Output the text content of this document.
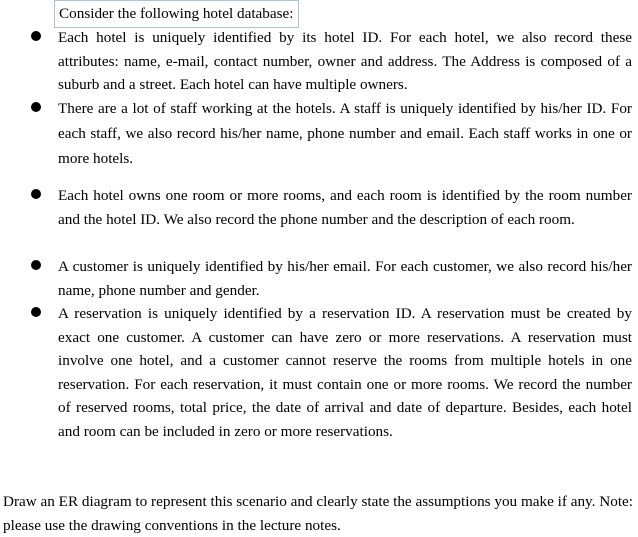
Consider the following hotel database:
Each hotel is uniquely identified by its hotel ID. For each hotel, we also record these attributes: name, e-mail, contact number, owner and address. The Address is composed of a suburb and a street. Each hotel can have multiple owners.
There are a lot of staff working at the hotels. A staff is uniquely identified by his/her ID. For each staff, we also record his/her name, phone number and email. Each staff works in one or more hotels.
Each hotel owns one room or more rooms, and each room is identified by the room number and the hotel ID. We also record the phone number and the description of each room.
A customer is uniquely identified by his/her email. For each customer, we also record his/her name, phone number and gender.
A reservation is uniquely identified by a reservation ID. A reservation must be created by exact one customer. A customer can have zero or more reservations. A reservation must involve one hotel, and a customer cannot reserve the rooms from multiple hotels in one reservation. For each reservation, it must contain one or more rooms. We record the number of reserved rooms, total price, the date of arrival and date of departure. Besides, each hotel and room can be included in zero or more reservations.
Draw an ER diagram to represent this scenario and clearly state the assumptions you make if any. Note: please use the drawing conventions in the lecture notes.
